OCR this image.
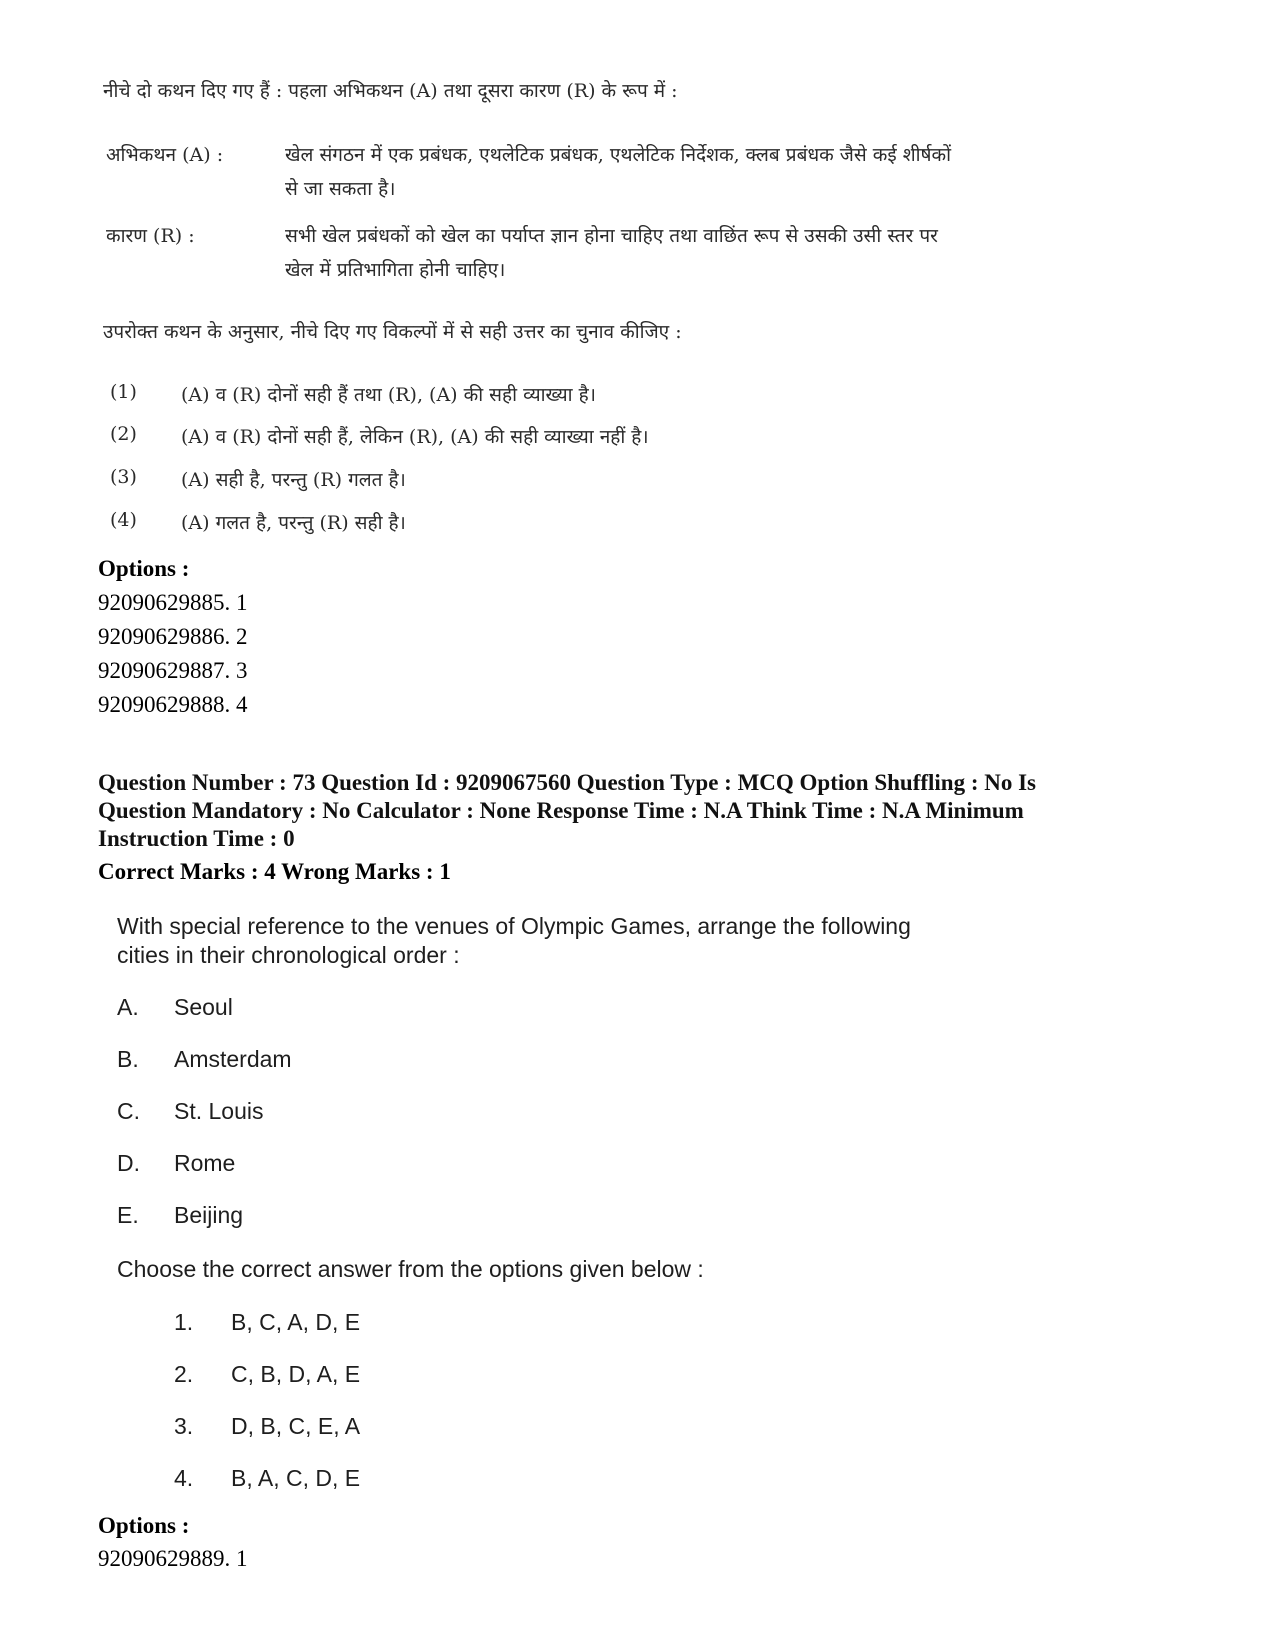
नीचे दो कथन दिए गए हैं : पहला अभिकथन (A) तथा दूसरा कारण (R) के रूप में :
अभिकथन (A) :	खेल संगठन में एक प्रबंधक, एथलेटिक प्रबंधक, एथलेटिक निर्देशक, क्लब प्रबंधक जैसे कई शीर्षकों
से जा सकता है।
कारण (R) :	सभी खेल प्रबंधकों को खेल का पर्याप्त ज्ञान होना चाहिए तथा वाछिंत रूप से उसकी उसी स्तर पर
खेल में प्रतिभागिता होनी चाहिए।
उपरोक्त कथन के अनुसार, नीचे दिए गए विकल्पों में से सही उत्तर का चुनाव कीजिए :
(1) (A) व (R) दोनों सही हैं तथा (R), (A) की सही व्याख्या है।
(2) (A) व (R) दोनों सही हैं, लेकिन (R), (A) की सही व्याख्या नहीं है।
(3) (A) सही है, परन्तु (R) गलत है।
(4) (A) गलत है, परन्तु (R) सही है।
Options :
92090629885. 1
92090629886. 2
92090629887. 3
92090629888. 4
Question Number : 73 Question Id : 9209067560 Question Type : MCQ Option Shuffling : No Is
Question Mandatory : No Calculator : None Response Time : N.A Think Time : N.A Minimum
Instruction Time : 0
Correct Marks : 4 Wrong Marks : 1
With special reference to the venues of Olympic Games, arrange the following
cities in their chronological order :
A. Seoul
B. Amsterdam
C. St. Louis
D. Rome
E. Beijing
Choose the correct answer from the options given below :
1. B, C, A, D, E
2. C, B, D, A, E
3. D, B, C, E, A
4. B, A, C, D, E
Options :
92090629889. 1
